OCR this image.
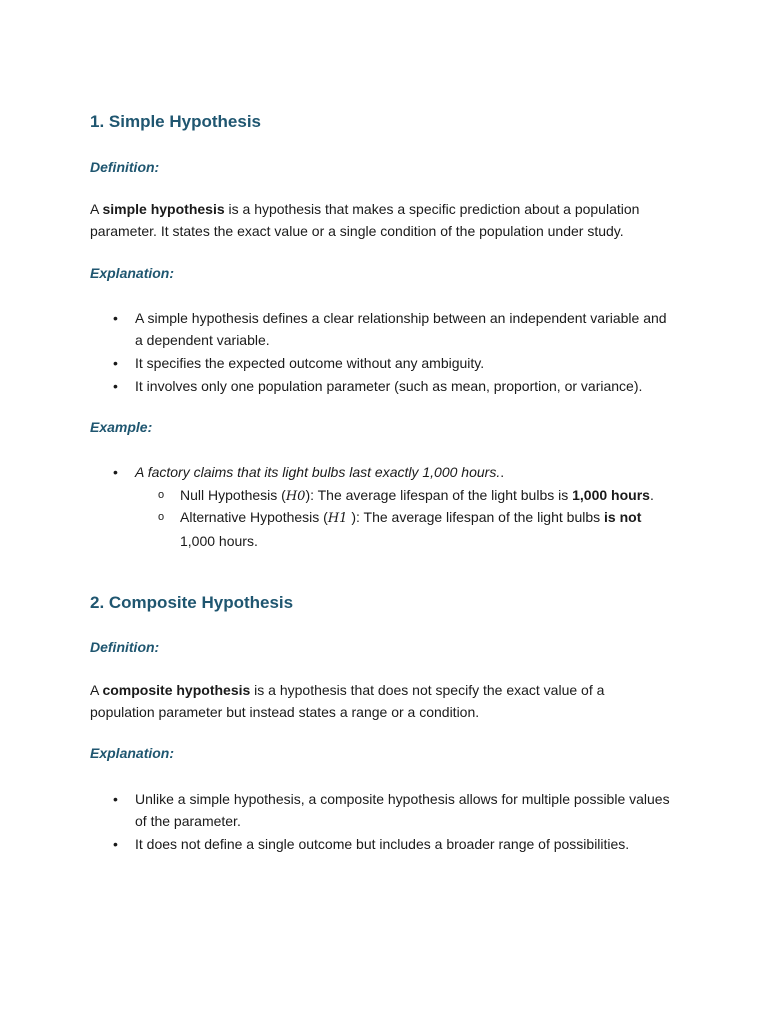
1. Simple Hypothesis

Definition:

A simple hypothesis is a hypothesis that makes a specific prediction about a population parameter. It states the exact value or a single condition of the population under study.

Explanation:

•	A simple hypothesis defines a clear relationship between an independent variable and a dependent variable.

•	It specifies the expected outcome without any ambiguity.

•	It involves only one population parameter (such as mean, proportion, or variance).

Example:

•	A factory claims that its light bulbs last exactly 1,000 hours..

o Null Hypothesis (H0): The average lifespan of the light bulbs is 1,000 hours.

o Alternative Hypothesis (H1 ): The average lifespan of the light bulbs is not 1,000 hours.

2. Composite Hypothesis

Definition:

A composite hypothesis is a hypothesis that does not specify the exact value of a population parameter but instead states a range or a condition.

Explanation:

•	Unlike a simple hypothesis, a composite hypothesis allows for multiple possible values of the parameter.

•	It does not define a single outcome but includes a broader range of possibilities.
